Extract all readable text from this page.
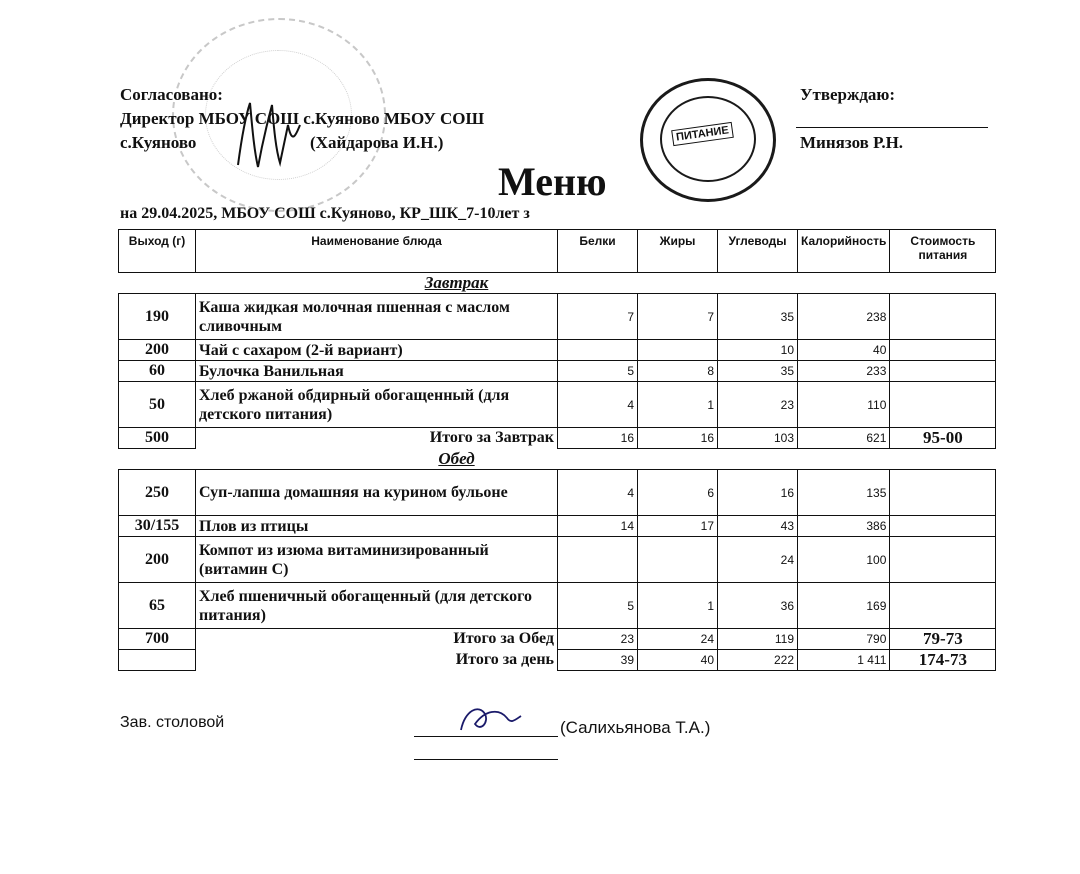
Согласовано:
Директор МБОУ СОШ с.Куяново МБОУ СОШ
с.Куяново	(Хайдарова И.Н.)
Утверждаю:
Минязов Р.Н.
ПИТАНИЕ
Меню
на 29.04.2025, МБОУ СОШ с.Куяново, КР_ШК_7-10лет з
Выход (г)	Наименование блюда	Белки	Жиры	Углеводы	Калорийность	Стоимость питания
	Завтрак					
190	Каша жидкая молочная пшенная с маслом сливочным	7	7	35	238	
200	Чай с сахаром (2-й вариант)			10	40	
60	Булочка Ванильная	5	8	35	233	
50	Хлеб ржаной обдирный обогащенный (для детского питания)	4	1	23	110	
500	Итого за Завтрак	16	16	103	621	95-00
	Обед					
250	Суп-лапша домашняя на курином бульоне	4	6	16	135	
30/155	Плов из птицы	14	17	43	386	
200	Компот из изюма витаминизированный (витамин С)			24	100	
65	Хлеб пшеничный обогащенный (для детского питания)	5	1	36	169	
700	Итого за Обед	23	24	119	790	79-73
	Итого за день	39	40	222	1 411	174-73
Зав. столовой	(Салихьянова Т.А.)
